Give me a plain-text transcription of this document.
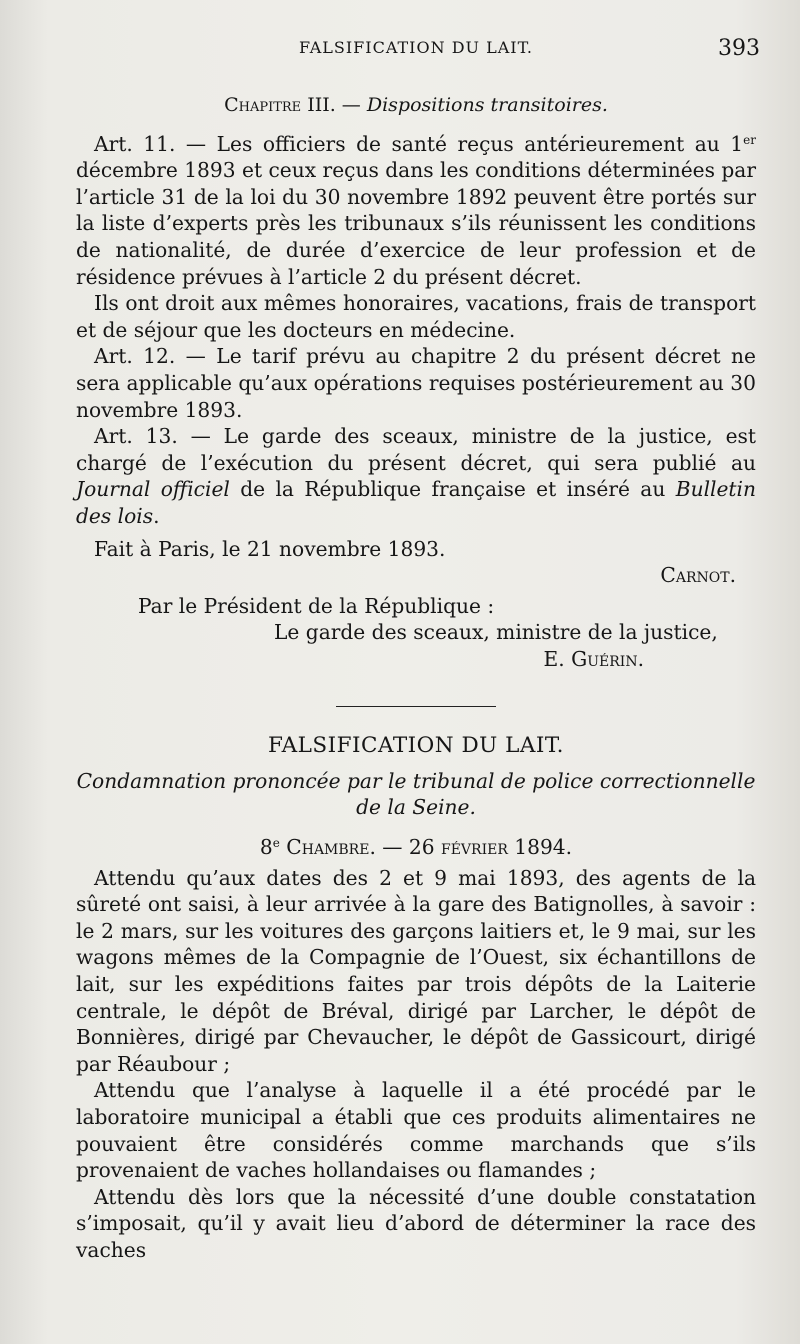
FALSIFICATION DU LAIT.	393

Chapitre III. — Dispositions transitoires.

Art. 11. — Les officiers de santé reçus antérieurement au 1er décembre 1893 et ceux reçus dans les conditions déterminées par l’article 31 de la loi du 30 novembre 1892 peuvent être portés sur la liste d’experts près les tribunaux s’ils réunissent les conditions de nationalité, de durée d’exercice de leur profession et de résidence prévues à l’article 2 du présent décret.

Ils ont droit aux mêmes honoraires, vacations, frais de transport et de séjour que les docteurs en médecine.

Art. 12. — Le tarif prévu au chapitre 2 du présent décret ne sera applicable qu’aux opérations requises postérieurement au 30 novembre 1893.

Art. 13. — Le garde des sceaux, ministre de la justice, est chargé de l’exécution du présent décret, qui sera publié au Journal officiel de la République française et inséré au Bulletin des lois.

Fait à Paris, le 21 novembre 1893.

Carnot.

Par le Président de la République :

Le garde des sceaux, ministre de la justice,

E. Guérin.

FALSIFICATION DU LAIT.

Condamnation prononcée par le tribunal de police correctionnelle de la Seine.

8e Chambre. — 26 février 1894.

Attendu qu’aux dates des 2 et 9 mai 1893, des agents de la sûreté ont saisi, à leur arrivée à la gare des Batignolles, à savoir : le 2 mars, sur les voitures des garçons laitiers et, le 9 mai, sur les wagons mêmes de la Compagnie de l’Ouest, six échantillons de lait, sur les expéditions faites par trois dépôts de la Laiterie centrale, le dépôt de Bréval, dirigé par Larcher, le dépôt de Bonnières, dirigé par Chevaucher, le dépôt de Gassicourt, dirigé par Réaubour ;

Attendu que l’analyse à laquelle il a été procédé par le laboratoire municipal a établi que ces produits alimentaires ne pouvaient être considérés comme marchands que s’ils provenaient de vaches hollandaises ou flamandes ;

Attendu dès lors que la nécessité d’une double constatation s’imposait, qu’il y avait lieu d’abord de déterminer la race des vaches
